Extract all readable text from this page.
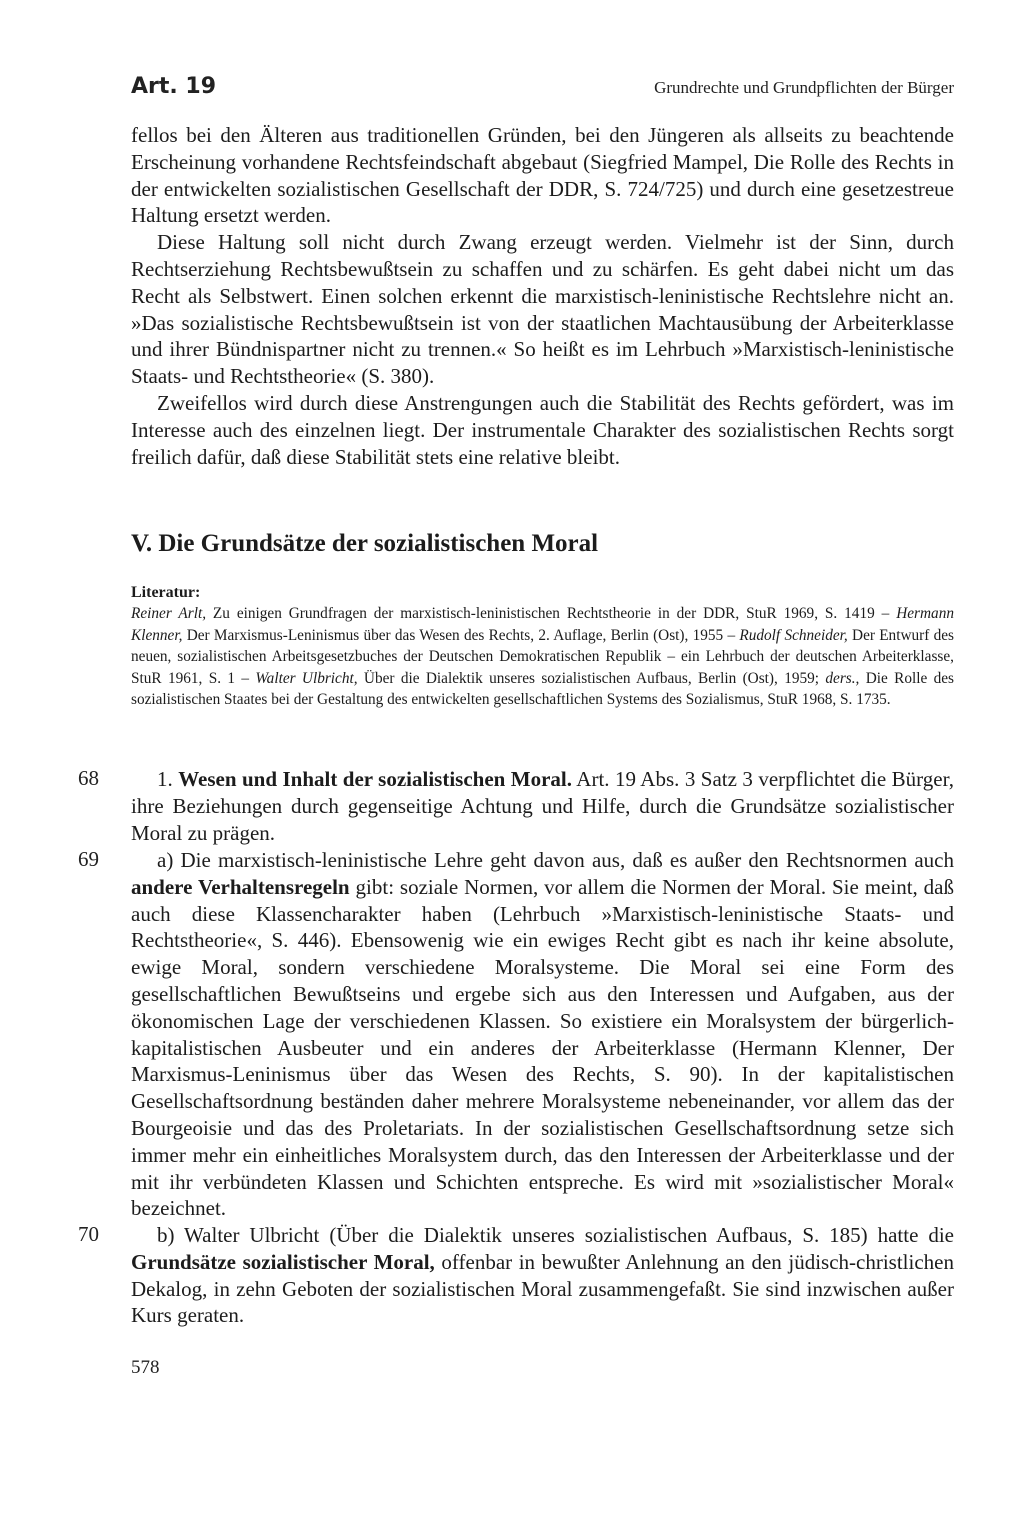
Art. 19	Grundrechte und Grundpflichten der Bürger

fellos bei den Älteren aus traditionellen Gründen, bei den Jüngeren als allseits zu beachtende Erscheinung vorhandene Rechtsfeindschaft abgebaut (Siegfried Mampel, Die Rolle des Rechts in der entwickelten sozialistischen Gesellschaft der DDR, S. 724/725) und durch eine gesetzestreue Haltung ersetzt werden.

Diese Haltung soll nicht durch Zwang erzeugt werden. Vielmehr ist der Sinn, durch Rechtserziehung Rechtsbewußtsein zu schaffen und zu schärfen. Es geht dabei nicht um das Recht als Selbstwert. Einen solchen erkennt die marxistisch-leninistische Rechtslehre nicht an. »Das sozialistische Rechtsbewußtsein ist von der staatlichen Machtausübung der Arbeiterklasse und ihrer Bündnispartner nicht zu trennen.« So heißt es im Lehrbuch »Marxistisch-leninistische Staats- und Rechtstheorie« (S. 380).

Zweifellos wird durch diese Anstrengungen auch die Stabilität des Rechts gefördert, was im Interesse auch des einzelnen liegt. Der instrumentale Charakter des sozialistischen Rechts sorgt freilich dafür, daß diese Stabilität stets eine relative bleibt.

V. Die Grundsätze der sozialistischen Moral
Literatur:
Reiner Arlt, Zu einigen Grundfragen der marxistisch-leninistischen Rechtstheorie in der DDR, StuR 1969, S. 1419 – Hermann Klenner, Der Marxismus-Leninismus über das Wesen des Rechts, 2. Auflage, Berlin (Ost), 1955 – Rudolf Schneider, Der Entwurf des neuen, sozialistischen Arbeitsgesetzbuches der Deutschen Demokratischen Republik – ein Lehrbuch der deutschen Arbeiterklasse, StuR 1961, S. 1 – Walter Ulbricht, Über die Dialektik unseres sozialistischen Aufbaus, Berlin (Ost), 1959; ders., Die Rolle des sozialistischen Staates bei der Gestaltung des entwickelten gesellschaftlichen Systems des Sozialismus, StuR 1968, S. 1735.
68	1. Wesen und Inhalt der sozialistischen Moral. Art. 19 Abs. 3 Satz 3 verpflichtet die Bürger, ihre Beziehungen durch gegenseitige Achtung und Hilfe, durch die Grundsätze sozialistischer Moral zu prägen.

69	a) Die marxistisch-leninistische Lehre geht davon aus, daß es außer den Rechtsnormen auch andere Verhaltensregeln gibt: soziale Normen, vor allem die Normen der Moral. Sie meint, daß auch diese Klassencharakter haben (Lehrbuch »Marxistisch-leninistische Staats- und Rechtstheorie«, S. 446). Ebensowenig wie ein ewiges Recht gibt es nach ihr keine absolute, ewige Moral, sondern verschiedene Moralsysteme. Die Moral sei eine Form des gesellschaftlichen Bewußtseins und ergebe sich aus den Interessen und Aufgaben, aus der ökonomischen Lage der verschiedenen Klassen. So existiere ein Moralsystem der bürgerlich-kapitalistischen Ausbeuter und ein anderes der Arbeiterklasse (Hermann Klenner, Der Marxismus-Leninismus über das Wesen des Rechts, S. 90). In der kapitalistischen Gesellschaftsordnung beständen daher mehrere Moralsysteme nebeneinander, vor allem das der Bourgeoisie und das des Proletariats. In der sozialistischen Gesellschaftsordnung setze sich immer mehr ein einheitliches Moralsystem durch, das den Interessen der Arbeiterklasse und der mit ihr verbündeten Klassen und Schichten entspreche. Es wird mit »sozialistischer Moral« bezeichnet.

70	b) Walter Ulbricht (Über die Dialektik unseres sozialistischen Aufbaus, S. 185) hatte die Grundsätze sozialistischer Moral, offenbar in bewußter Anlehnung an den jüdisch-christlichen Dekalog, in zehn Geboten der sozialistischen Moral zusammengefaßt. Sie sind inzwischen außer Kurs geraten.

578
